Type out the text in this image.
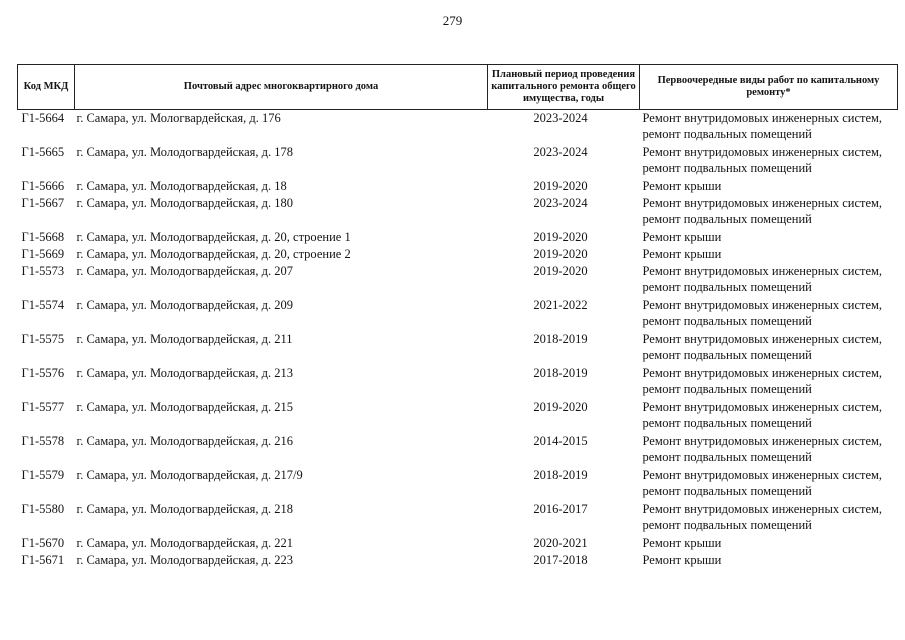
279
Код МКД	Почтовый адрес многоквартирного дома	Плановый период проведения капитального ремонта общего имущества, годы	Первоочередные виды работ по капитальному ремонту*
Г1-5664	г. Самара, ул. Мологвардейская, д. 176	2023-2024	Ремонт внутридомовых инженерных систем,
ремонт подвальных помещений

Г1-5665	г. Самара, ул. Молодогвардейская, д. 178	2023-2024	Ремонт внутридомовых инженерных систем,
ремонт подвальных помещений

Г1-5666	г. Самара, ул. Молодогвардейская, д. 18	2019-2020	Ремонт крыши

Г1-5667	г. Самара, ул. Молодогвардейская, д. 180	2023-2024	Ремонт внутридомовых инженерных систем,
ремонт подвальных помещений

Г1-5668	г. Самара, ул. Молодогвардейская, д. 20, строение 1	2019-2020	Ремонт крыши

Г1-5669	г. Самара, ул. Молодогвардейская, д. 20, строение 2	2019-2020	Ремонт крыши

Г1-5573	г. Самара, ул. Молодогвардейская, д. 207	2019-2020	Ремонт внутридомовых инженерных систем,
ремонт подвальных помещений

Г1-5574	г. Самара, ул. Молодогвардейская, д. 209	2021-2022	Ремонт внутридомовых инженерных систем,
ремонт подвальных помещений

Г1-5575	г. Самара, ул. Молодогвардейская, д. 211	2018-2019	Ремонт внутридомовых инженерных систем,
ремонт подвальных помещений

Г1-5576	г. Самара, ул. Молодогвардейская, д. 213	2018-2019	Ремонт внутридомовых инженерных систем,
ремонт подвальных помещений

Г1-5577	г. Самара, ул. Молодогвардейская, д. 215	2019-2020	Ремонт внутридомовых инженерных систем,
ремонт подвальных помещений

Г1-5578	г. Самара, ул. Молодогвардейская, д. 216	2014-2015	Ремонт внутридомовых инженерных систем,
ремонт подвальных помещений

Г1-5579	г. Самара, ул. Молодогвардейская, д. 217/9	2018-2019	Ремонт внутридомовых инженерных систем,
ремонт подвальных помещений

Г1-5580	г. Самара, ул. Молодогвардейская, д. 218	2016-2017	Ремонт внутридомовых инженерных систем,
ремонт подвальных помещений

Г1-5670	г. Самара, ул. Молодогвардейская, д. 221	2020-2021	Ремонт крыши

Г1-5671	г. Самара, ул. Молодогвардейская, д. 223	2017-2018	Ремонт крыши
